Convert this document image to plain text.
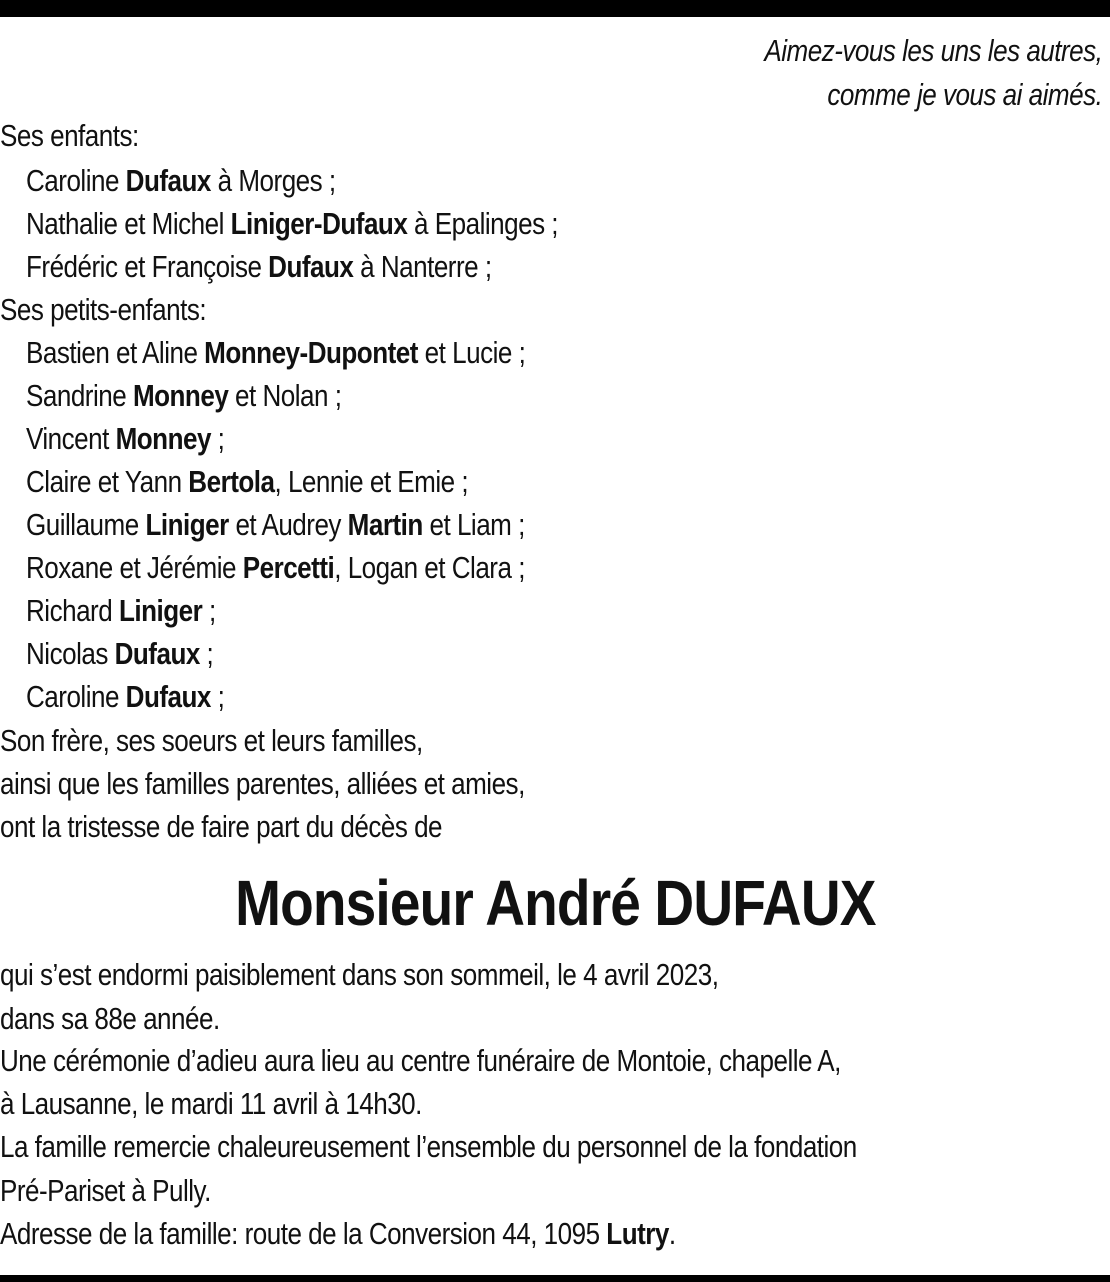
Aimez-vous les uns les autres,
comme je vous ai aimés.
Ses enfants:
Caroline Dufaux à Morges ;
Nathalie et Michel Liniger-Dufaux à Epalinges ;
Frédéric et Françoise Dufaux à Nanterre ;
Ses petits-enfants:
Bastien et Aline Monney-Dupontet et Lucie ;
Sandrine Monney et Nolan ;
Vincent Monney ;
Claire et Yann Bertola, Lennie et Emie ;
Guillaume Liniger et Audrey Martin et Liam ;
Roxane et Jérémie Percetti, Logan et Clara ;
Richard Liniger ;
Nicolas Dufaux ;
Caroline Dufaux ;
Son frère, ses soeurs et leurs familles,
ainsi que les familles parentes, alliées et amies,
ont la tristesse de faire part du décès de
Monsieur André DUFAUX
qui s’est endormi paisiblement dans son sommeil, le 4 avril 2023,
dans sa 88e année.
Une cérémonie d’adieu aura lieu au centre funéraire de Montoie, chapelle A,
à Lausanne, le mardi 11 avril à 14h30.
La famille remercie chaleureusement l’ensemble du personnel de la fondation
Pré-Pariset à Pully.
Adresse de la famille: route de la Conversion 44, 1095 Lutry.
